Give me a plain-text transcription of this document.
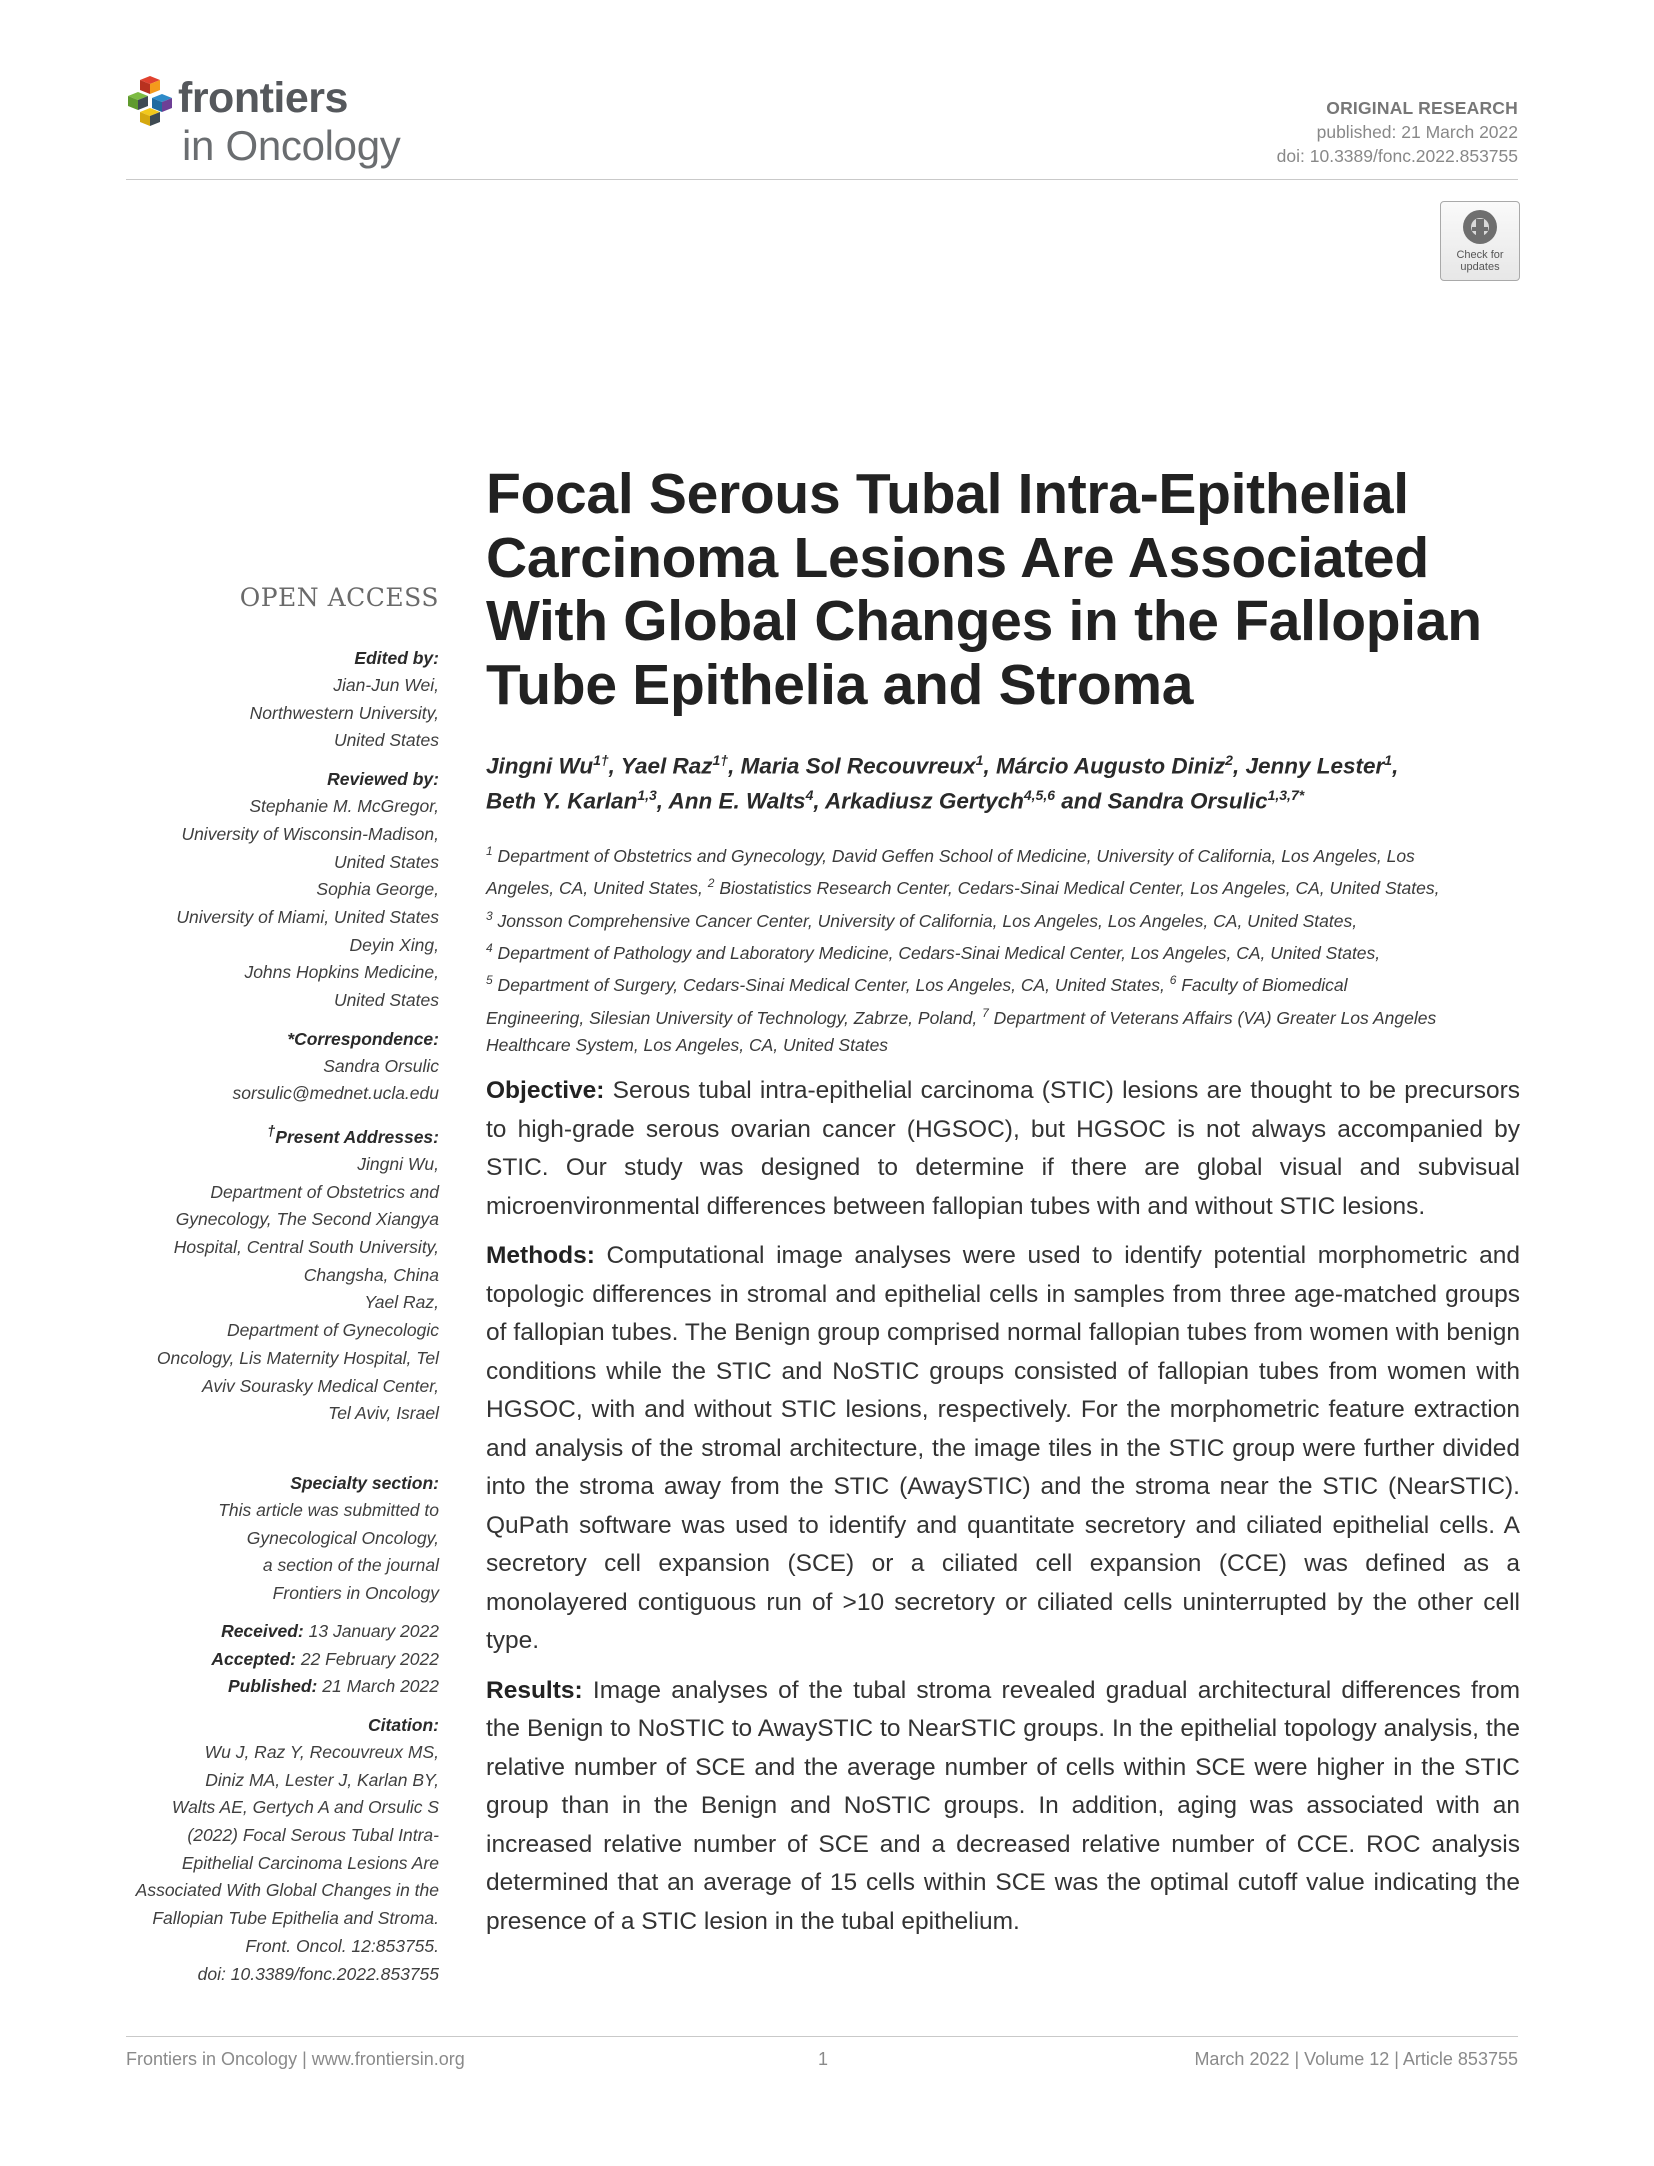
frontiers
in Oncology
ORIGINAL RESEARCH
published: 21 March 2022
doi: 10.3389/fonc.2022.853755
Check for
updates
OPEN ACCESS
Edited by:
Jian-Jun Wei,
Northwestern University,
United States
Reviewed by:
Stephanie M. McGregor,
University of Wisconsin-Madison,
United States
Sophia George,
University of Miami, United States
Deyin Xing,
Johns Hopkins Medicine,
United States
*Correspondence:
Sandra Orsulic
sorsulic@mednet.ucla.edu
†Present Addresses:
Jingni Wu,
Department of Obstetrics and
Gynecology, The Second Xiangya
Hospital, Central South University,
Changsha, China
Yael Raz,
Department of Gynecologic
Oncology, Lis Maternity Hospital, Tel
Aviv Sourasky Medical Center,
Tel Aviv, Israel
Specialty section:
This article was submitted to
Gynecological Oncology,
a section of the journal
Frontiers in Oncology
Received: 13 January 2022
Accepted: 22 February 2022
Published: 21 March 2022
Citation:
Wu J, Raz Y, Recouvreux MS,
Diniz MA, Lester J, Karlan BY,
Walts AE, Gertych A and Orsulic S
(2022) Focal Serous Tubal Intra-
Epithelial Carcinoma Lesions Are
Associated With Global Changes in the
Fallopian Tube Epithelia and Stroma.
Front. Oncol. 12:853755.
doi: 10.3389/fonc.2022.853755
Focal Serous Tubal Intra-Epithelial
Carcinoma Lesions Are Associated
With Global Changes in the Fallopian
Tube Epithelia and Stroma
Jingni $Wu^{1\dagger}$, Yael Raz$^{1\dagger}$, Maria Sol Recouvreux$^1$, Márcio Augusto Diniz$^2$, Jenny Lester$^1$,
Beth Y. Karlan$^{1,3}$, Ann E. Walts$^4$, Arkadiusz Gertych$^{4,5,6}$ and Sandra Orsulic$^{1,3,7*}$
$^1$ Department of Obstetrics and Gynecology, David Geffen School of Medicine, University of California, Los Angeles, Los
Angeles, CA, United States, $^2$ Biostatistics Research Center, Cedars-Sinai Medical Center, Los Angeles, CA, United States,
$^3$ Jonsson Comprehensive Cancer Center, University of California, Los Angeles, Los Angeles, CA, United States,
$^4$ Department of Pathology and Laboratory Medicine, Cedars-Sinai Medical Center, Los Angeles, CA, United States,
$^5$ Department of Surgery, Cedars-Sinai Medical Center, Los Angeles, CA, United States, $^6$ Faculty of Biomedical
Engineering, Silesian University of Technology, Zabrze, Poland, $^7$ Department of Veterans Affairs (VA) Greater Los Angeles
Healthcare System, Los Angeles, CA, United States

Objective: Serous tubal intra-epithelial carcinoma (STIC) lesions are thought to be precursors to high-grade serous ovarian cancer (HGSOC), but HGSOC is not always accompanied by STIC. Our study was designed to determine if there are global visual and subvisual microenvironmental differences between fallopian tubes with and without STIC lesions.

Methods: Computational image analyses were used to identify potential morphometric and topologic differences in stromal and epithelial cells in samples from three age-matched groups of fallopian tubes. The Benign group comprised normal fallopian tubes from women with benign conditions while the STIC and NoSTIC groups consisted of fallopian tubes from women with HGSOC, with and without STIC lesions, respectively. For the morphometric feature extraction and analysis of the stromal architecture, the image tiles in the STIC group were further divided into the stroma away from the STIC (AwaySTIC) and the stroma near the STIC (NearSTIC). QuPath software was used to identify and quantitate secretory and ciliated epithelial cells. A secretory cell expansion (SCE) or a ciliated cell expansion (CCE) was defined as a monolayered contiguous run of >10 secretory or ciliated cells uninterrupted by the other cell type.

Results: Image analyses of the tubal stroma revealed gradual architectural differences from the Benign to NoSTIC to AwaySTIC to NearSTIC groups. In the epithelial topology analysis, the relative number of SCE and the average number of cells within SCE were higher in the STIC group than in the Benign and NoSTIC groups. In addition, aging was associated with an increased relative number of SCE and a decreased relative number of CCE. ROC analysis determined that an average of 15 cells within SCE was the optimal cutoff value indicating the presence of a STIC lesion in the tubal epithelium.

Frontiers in Oncology | www.frontiersin.org	1	March 2022 | Volume 12 | Article 853755
